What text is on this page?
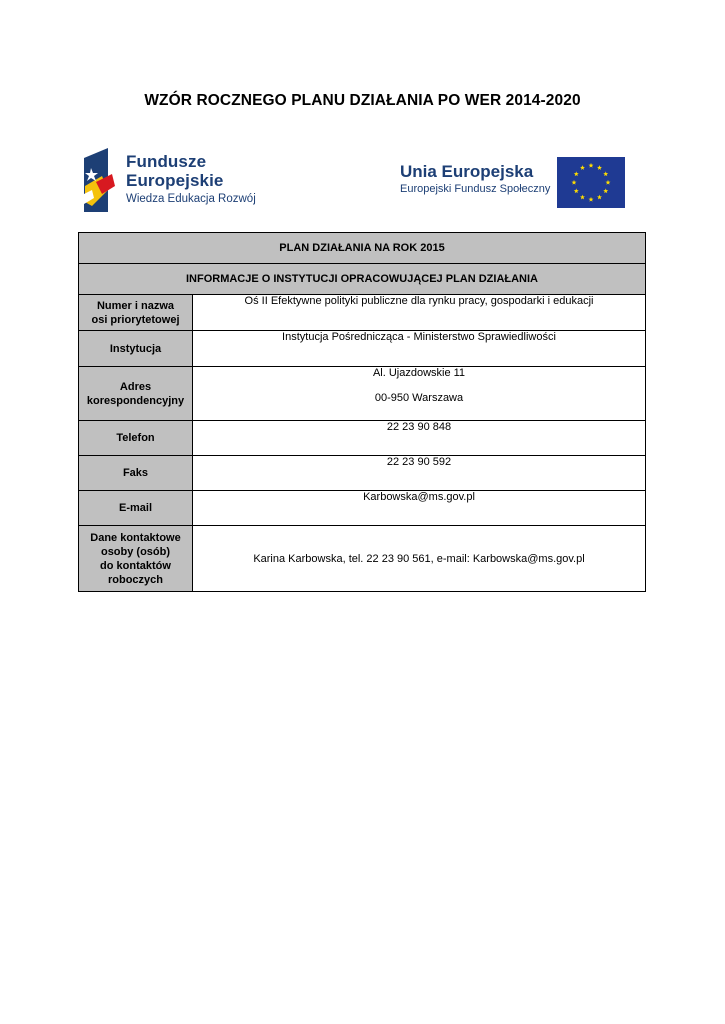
WZÓR ROCZNEGO PLANU DZIAŁANIA PO WER 2014-2020
Fundusze
Europejskie
Wiedza Edukacja Rozwój
Unia Europejska
Europejski Fundusz Społeczny
PLAN DZIAŁANIA NA ROK 2015	
INFORMACJE O INSTYTUCJI OPRACOWUJĄCEJ PLAN DZIAŁANIA	
Numer i nazwa
osi priorytetowej	Oś II Efektywne polityki publiczne dla rynku pracy, gospodarki i edukacji
Instytucja	Instytucja Pośrednicząca - Ministerstwo Sprawiedliwości
Adres
korespondencyjny	Al. Ujazdowskie 11
00-950 Warszawa

Telefon	22 23 90 848
Faks	22 23 90 592
E-mail	Karbowska@ms.gov.pl
Dane kontaktowe
osoby (osób)
do kontaktów
roboczych	Karina Karbowska, tel. 22 23 90 561, e-mail: Karbowska@ms.gov.pl
